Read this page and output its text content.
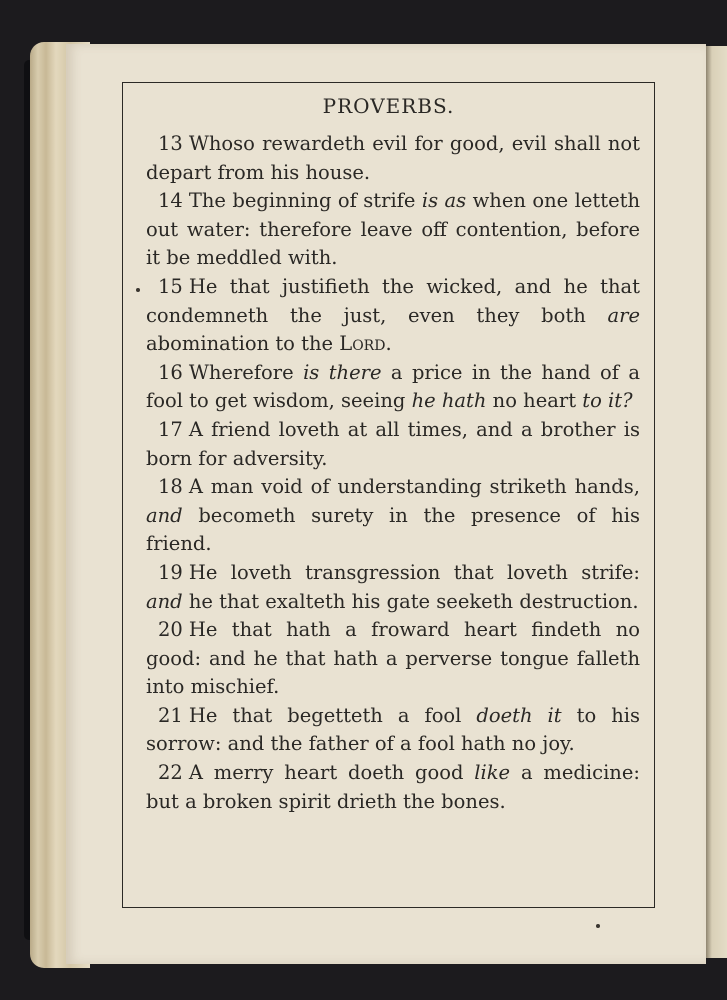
PROVERBS.

13 Whoso rewardeth evil for good, evil shall not depart from his house.

14 The beginning of strife is as when one letteth out water: therefore leave off contention, before it be meddled with.

15 He that justifieth the wicked, and he that condemneth the just, even they both are abomination to the Lord.

16 Wherefore is there a price in the hand of a fool to get wisdom, seeing he hath no heart to it?

17 A friend loveth at all times, and a brother is born for adversity.

18 A man void of understanding striketh hands, and becometh surety in the presence of his friend.

19 He loveth transgression that loveth strife: and he that exalteth his gate seeketh destruction.

20 He that hath a froward heart findeth no good: and he that hath a perverse tongue falleth into mischief.

21 He that begetteth a fool doeth it to his sorrow: and the father of a fool hath no joy.

22 A merry heart doeth good like a medicine: but a broken spirit drieth the bones.
